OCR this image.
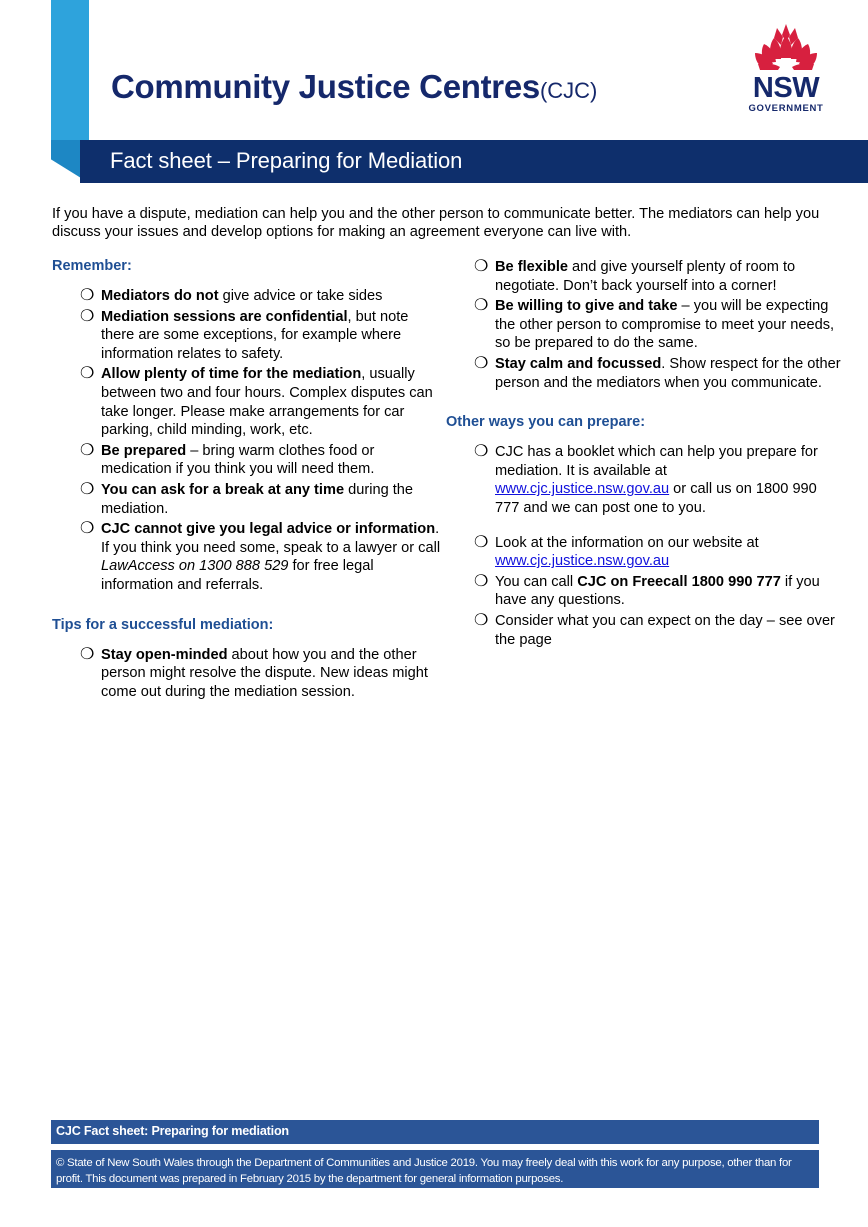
Community Justice Centres(CJC)
Fact sheet – Preparing for Mediation
NSW
GOVERNMENT
If you have a dispute, mediation can help you and the other person to communicate better. The mediators can help you discuss your issues and develop options for making an agreement everyone can live with.
Remember:
❍ Mediators do not give advice or take sides
❍ Mediation sessions are confidential, but note there are some exceptions, for example where information relates to safety.
❍ Allow plenty of time for the mediation, usually between two and four hours. Complex disputes can take longer. Please make arrangements for car parking, child minding, work, etc.
❍ Be prepared – bring warm clothes food or medication if you think you will need them.
❍ You can ask for a break at any time during the mediation.
❍ CJC cannot give you legal advice or information. If you think you need some, speak to a lawyer or call LawAccess on 1300 888 529 for free legal information and referrals.
Tips for a successful mediation:
❍ Stay open-minded about how you and the other person might resolve the dispute. New ideas might come out during the mediation session.
❍ Be flexible and give yourself plenty of room to negotiate. Don’t back yourself into a corner!
❍ Be willing to give and take – you will be expecting the other person to compromise to meet your needs, so be prepared to do the same.
❍ Stay calm and focussed. Show respect for the other person and the mediators when you communicate.
Other ways you can prepare:
❍ CJC has a booklet which can help you prepare for mediation. It is available at www.cjc.justice.nsw.gov.au or call us on 1800 990 777 and we can post one to you.
❍ Look at the information on our website at www.cjc.justice.nsw.gov.au
❍ You can call CJC on Freecall 1800 990 777 if you have any questions.
❍ Consider what you can expect on the day – see over the page
CJC Fact sheet: Preparing for mediation
© State of New South Wales through the Department of Communities and Justice 2019. You may freely deal with this work for any purpose, other than for profit. This document was prepared in February 2015 by the department for general information purposes.
